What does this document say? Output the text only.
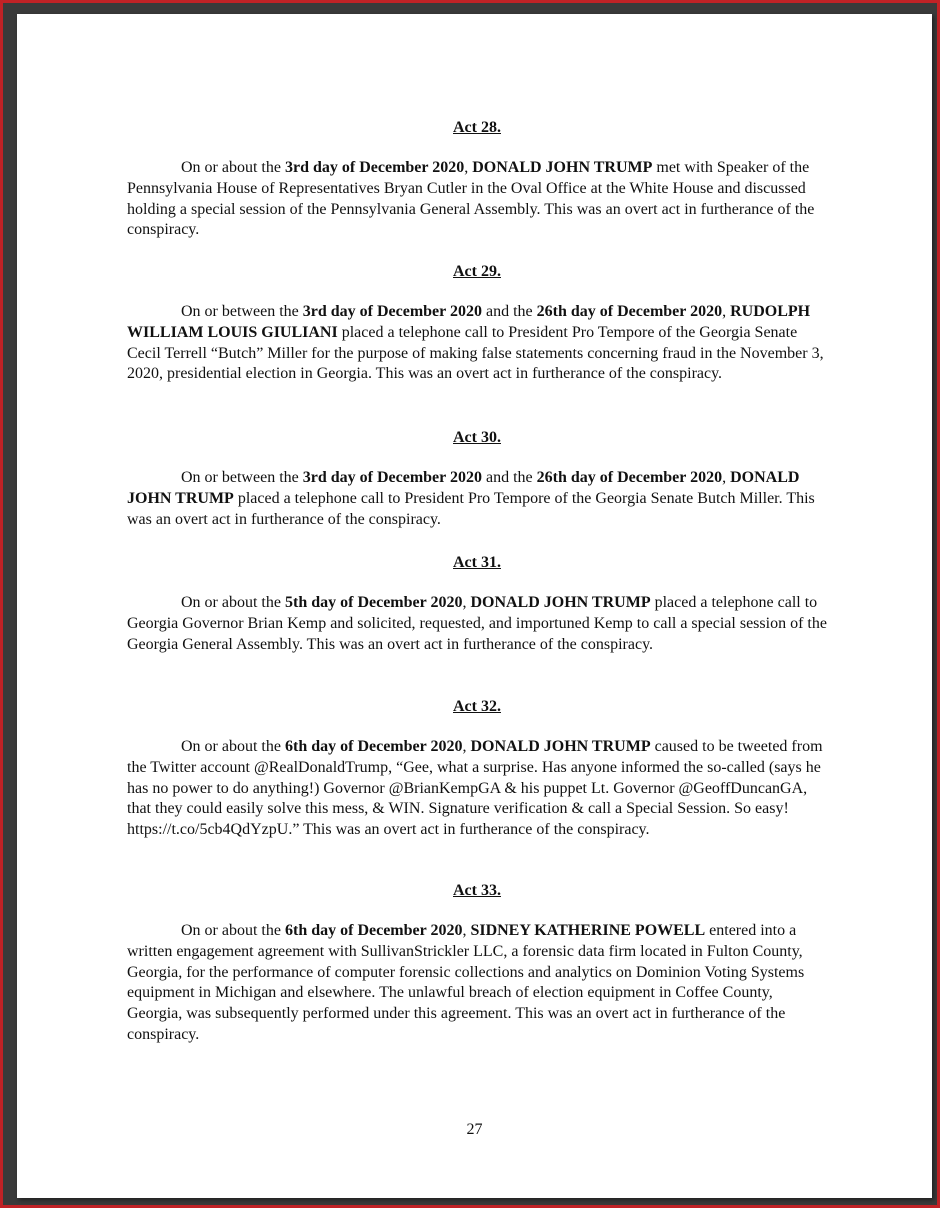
Act 28.

On or about the 3rd day of December 2020, DONALD JOHN TRUMP met with Speaker of the Pennsylvania House of Representatives Bryan Cutler in the Oval Office at the White House and discussed holding a special session of the Pennsylvania General Assembly. This was an overt act in furtherance of the conspiracy.

Act 29.

On or between the 3rd day of December 2020 and the 26th day of December 2020, RUDOLPH WILLIAM LOUIS GIULIANI placed a telephone call to President Pro Tempore of the Georgia Senate Cecil Terrell “Butch” Miller for the purpose of making false statements concerning fraud in the November 3, 2020, presidential election in Georgia. This was an overt act in furtherance of the conspiracy.

Act 30.

On or between the 3rd day of December 2020 and the 26th day of December 2020, DONALD JOHN TRUMP placed a telephone call to President Pro Tempore of the Georgia Senate Butch Miller. This was an overt act in furtherance of the conspiracy.

Act 31.

On or about the 5th day of December 2020, DONALD JOHN TRUMP placed a telephone call to Georgia Governor Brian Kemp and solicited, requested, and importuned Kemp to call a special session of the Georgia General Assembly. This was an overt act in furtherance of the conspiracy.

Act 32.

On or about the 6th day of December 2020, DONALD JOHN TRUMP caused to be tweeted from the Twitter account @RealDonaldTrump, “Gee, what a surprise. Has anyone informed the so-called (says he has no power to do anything!) Governor @BrianKempGA & his puppet Lt. Governor @GeoffDuncanGA, that they could easily solve this mess, & WIN. Signature verification & call a Special Session. So easy! https://t.co/5cb4QdYzpU.” This was an overt act in furtherance of the conspiracy.

Act 33.

On or about the 6th day of December 2020, SIDNEY KATHERINE POWELL entered into a written engagement agreement with SullivanStrickler LLC, a forensic data firm located in Fulton County, Georgia, for the performance of computer forensic collections and analytics on Dominion Voting Systems equipment in Michigan and elsewhere. The unlawful breach of election equipment in Coffee County, Georgia, was subsequently performed under this agreement. This was an overt act in furtherance of the conspiracy.

27
